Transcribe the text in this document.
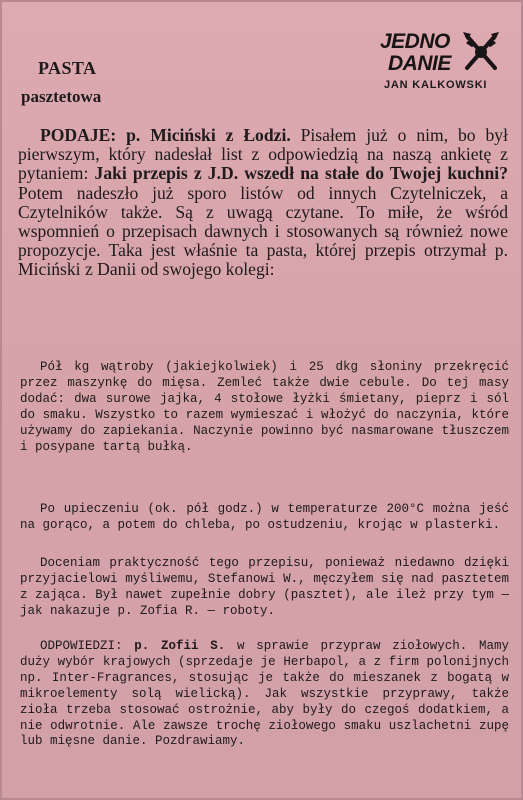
PASTA
pasztetowa
JEDNO
DANIE
JAN KALKOWSKI

PODAJE: p. Miciński z Łodzi. Pisałem już o nim, bo był pierwszym, który nadesłał list z odpowiedzią na naszą ankietę z pytaniem: Jaki przepis z J.D. wszedł na stałe do Twojej kuchni? Potem nadeszło już sporo listów od innych Czytelniczek, a Czytelników także. Są z uwagą czytane. To miłe, że wśród wspomnień o przepisach dawnych i stosowanych są również nowe propozycje. Taka jest właśnie ta pasta, której przepis otrzymał p. Miciński z Danii od swojego kolegi:

Pół kg wątroby (jakiejkolwiek) i 25 dkg słoniny przekręcić przez maszynkę do mięsa. Zemleć także dwie cebule. Do tej masy dodać: dwa surowe jajka, 4 stołowe łyżki śmietany, pieprz i sól do smaku. Wszystko to razem wymieszać i włożyć do naczynia, które używamy do zapiekania. Naczynie powinno być nasmarowane tłuszczem i posypane tartą bułką.

Po upieczeniu (ok. pół godz.) w temperaturze 200°C można jeść na gorąco, a potem do chleba, po ostudzeniu, krojąc w plasterki.

Doceniam praktyczność tego przepisu, ponieważ niedawno dzięki przyjacielowi myśliwemu, Stefanowi W., męczyłem się nad pasztetem z zająca. Był nawet zupełnie dobry (pasztet), ale ileż przy tym — jak nakazuje p. Zofia R. — roboty.

ODPOWIEDZI: p. Zofii S. w sprawie przypraw ziołowych. Mamy duży wybór krajowych (sprzedaje je Herbapol, a z firm polonijnych np. Inter-Fragrances, stosując je także do mieszanek z bogatą w mikroelementy solą wielicką). Jak wszystkie przyprawy, także zioła trzeba stosować ostrożnie, aby były do czegoś dodatkiem, a nie odwrotnie. Ale zawsze trochę ziołowego smaku uszlachetni zupę lub mięsne danie. Pozdrawiamy.
